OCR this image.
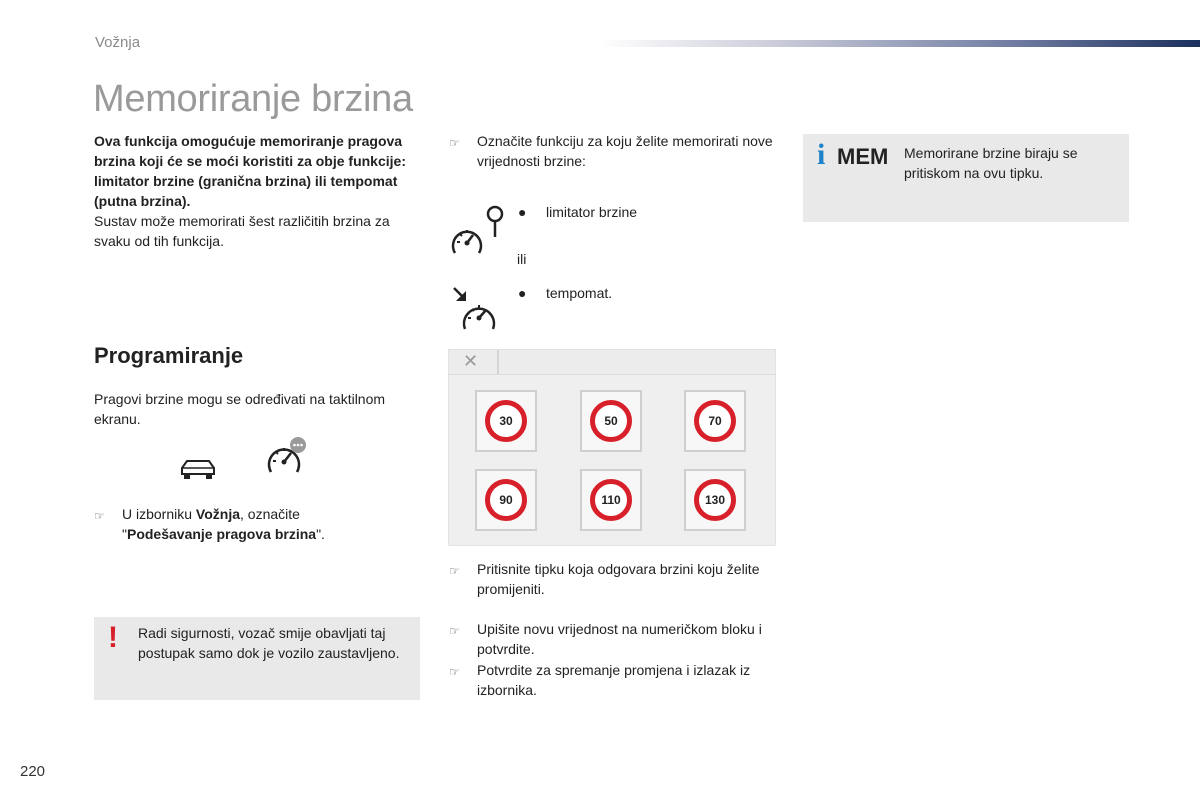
Vožnja
Memoriranje brzina
Ova funkcija omogućuje memoriranje pragova brzina koji će se moći koristiti za obje funkcije: limitator brzine (granična brzina) ili tempomat (putna brzina).
Sustav može memorirati šest različitih brzina za svaku od tih funkcija.
Programiranje
Pragovi brzine mogu se određivati na taktilnom ekranu.
☞	U izborniku Vožnja, označite
"Podešavanje pragova brzina".
! Radi sigurnosti, vozač smije obavljati taj postupak samo dok je vozilo zaustavljeno.
☞	Označite funkciju za koju želite memorirati nove vrijednosti brzine:
● limitator brzine
ili
● tempomat.
✕
30	50	70
90	110	130
☞	Pritisnite tipku koja odgovara brzini koju želite promijeniti.
☞	Upišite novu vrijednost na numeričkom bloku i potvrdite.
☞	Potvrdite za spremanje promjena i izlazak iz izbornika.
i MEM Memorirane brzine biraju se pritiskom na ovu tipku.
220
